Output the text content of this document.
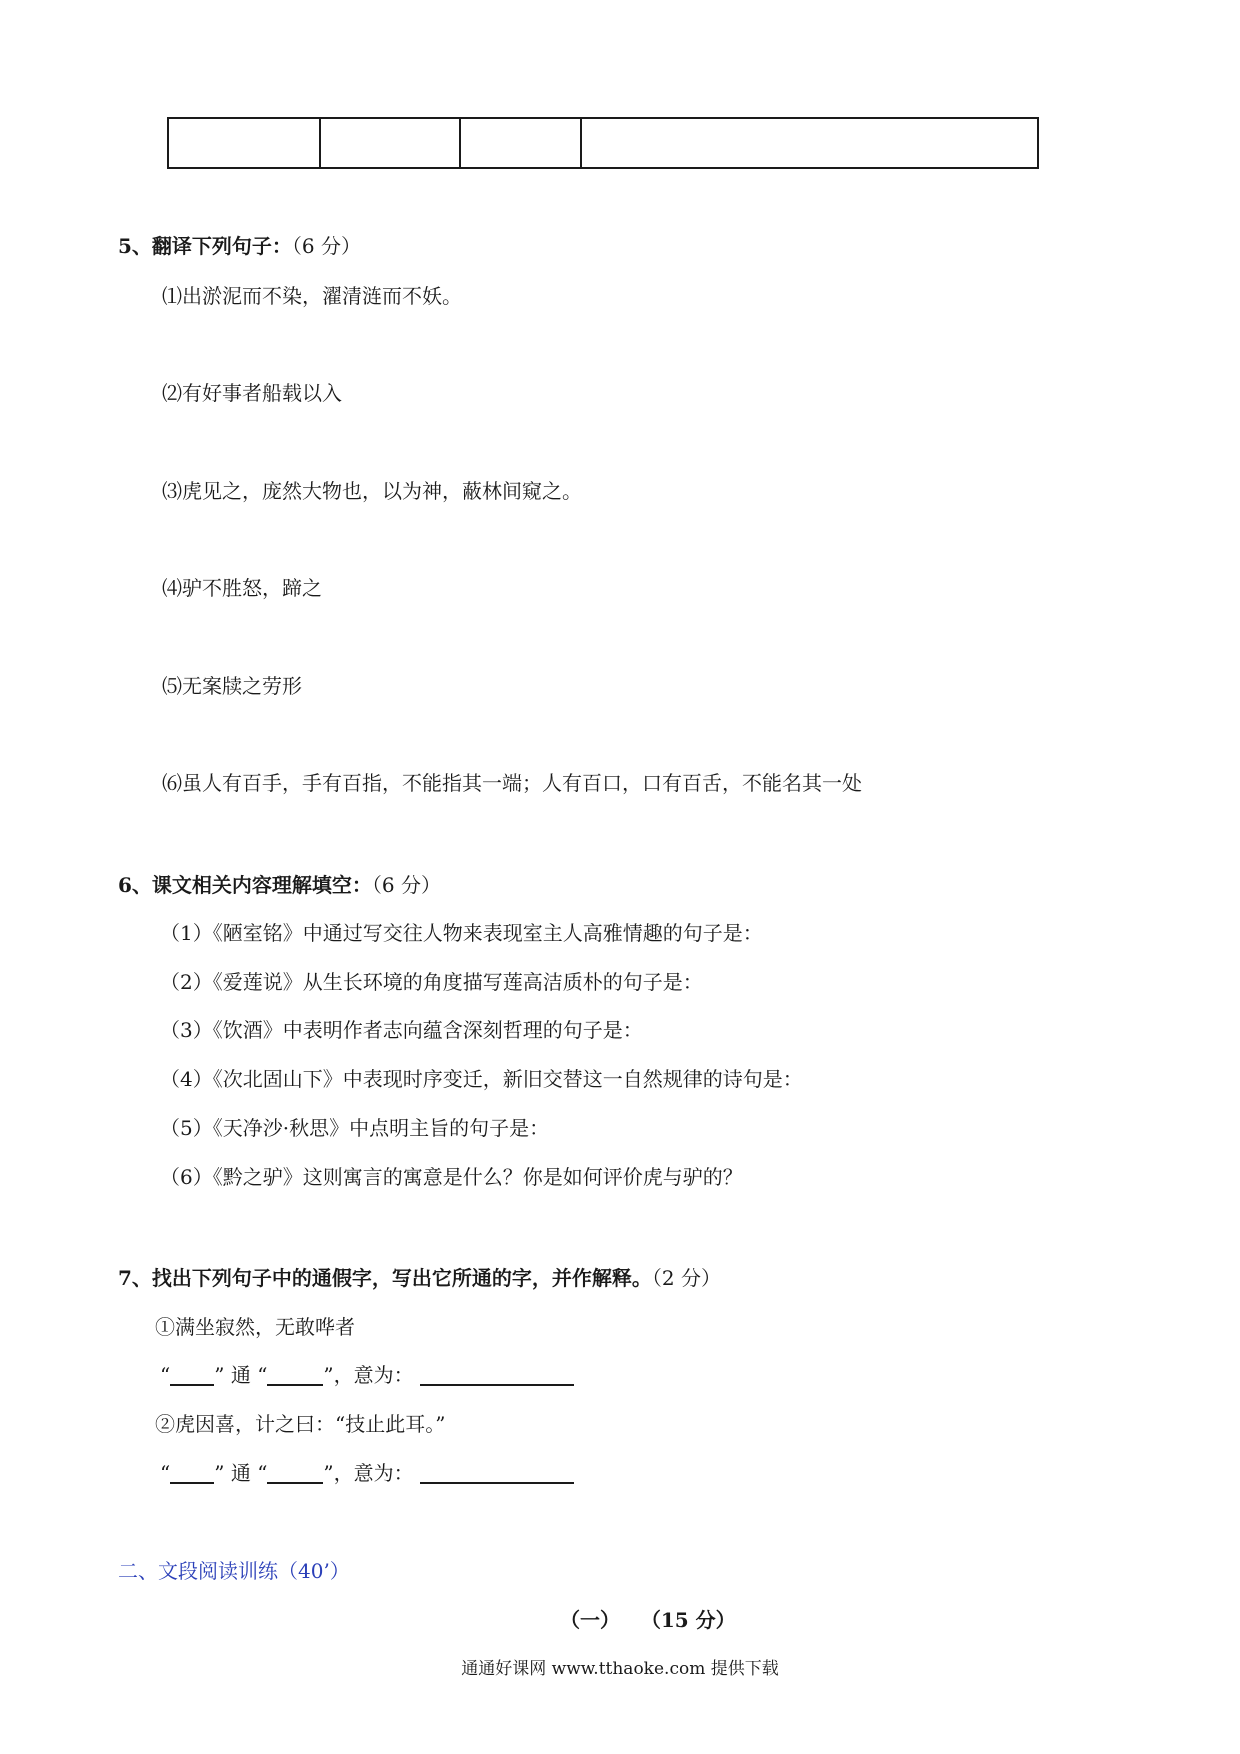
5、翻译下列句子：（6 分）
⑴出淤泥而不染，濯清涟而不妖。
⑵有好事者船载以入
⑶虎见之，庞然大物也，以为神，蔽林间窥之。
⑷驴不胜怒，蹄之
⑸无案牍之劳形
⑹虽人有百手，手有百指，不能指其一端；人有百口，口有百舌，不能名其一处
6、课文相关内容理解填空：（6 分）
（1）《陋室铭》中通过写交往人物来表现室主人高雅情趣的句子是：
（2）《爱莲说》从生长环境的角度描写莲高洁质朴的句子是：
（3）《饮酒》中表明作者志向蕴含深刻哲理的句子是：
（4）《次北固山下》中表现时序变迁，新旧交替这一自然规律的诗句是：
（5）《天净沙·秋思》中点明主旨的句子是：
（6）《黔之驴》这则寓言的寓意是什么？你是如何评价虎与驴的？
7、找出下列句子中的通假字，写出它所通的字，并作解释。（2 分）
①满坐寂然，无敢哗者
“ ” 通 “	”，意为：
②虎因喜，计之曰：“技止此耳。”
“ ” 通 “	”，意为：
二、文段阅读训练（40’）
（一） （15 分）
通通好课网 www.tthaoke.com 提供下载
